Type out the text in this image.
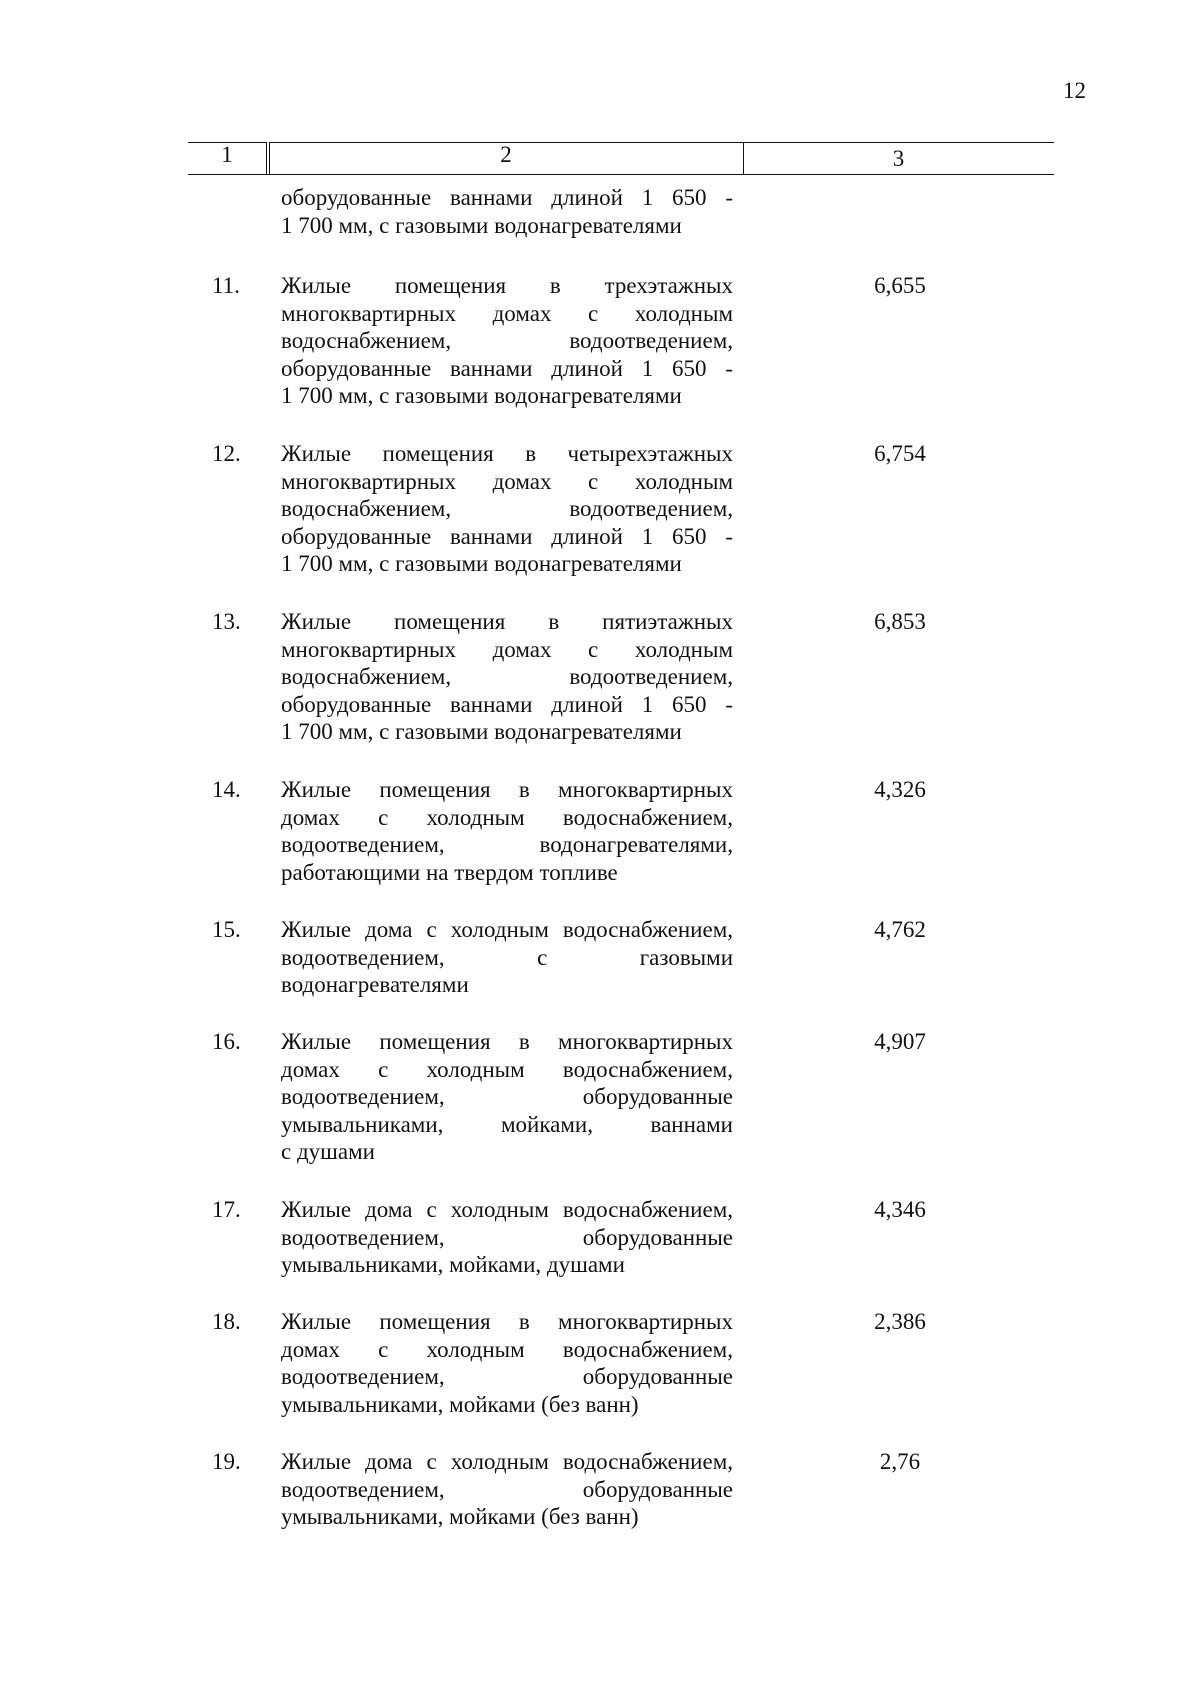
12
1	2	3
оборудованные ваннами длиной 1 650 -
1 700 мм, с газовыми водонагревателями
11.	Жилые помещения в трехэтажных
многоквартирных домах с холодным
водоснабжением, водоотведением,
оборудованные ваннами длиной 1 650 -
1 700 мм, с газовыми водонагревателями
6,655
12.	Жилые помещения в четырехэтажных
многоквартирных домах с холодным
водоснабжением, водоотведением,
оборудованные ваннами длиной 1 650 -
1 700 мм, с газовыми водонагревателями
6,754
13.	Жилые помещения в пятиэтажных
многоквартирных домах с холодным
водоснабжением, водоотведением,
оборудованные ваннами длиной 1 650 -
1 700 мм, с газовыми водонагревателями
6,853
14.	Жилые помещения в многоквартирных
домах с холодным водоснабжением,
водоотведением, водонагревателями,
работающими на твердом топливе
4,326
15.	Жилые дома с холодным водоснабжением,
водоотведением, с газовыми
водонагревателями
4,762
16.	Жилые помещения в многоквартирных
домах с холодным водоснабжением,
водоотведением, оборудованные
умывальниками, мойками, ваннами
с душами
4,907
17.	Жилые дома с холодным водоснабжением,
водоотведением, оборудованные
умывальниками, мойками, душами
4,346
18.	Жилые помещения в многоквартирных
домах с холодным водоснабжением,
водоотведением, оборудованные
умывальниками, мойками (без ванн)
2,386
19.	Жилые дома с холодным водоснабжением,
водоотведением, оборудованные
умывальниками, мойками (без ванн)
2,76
